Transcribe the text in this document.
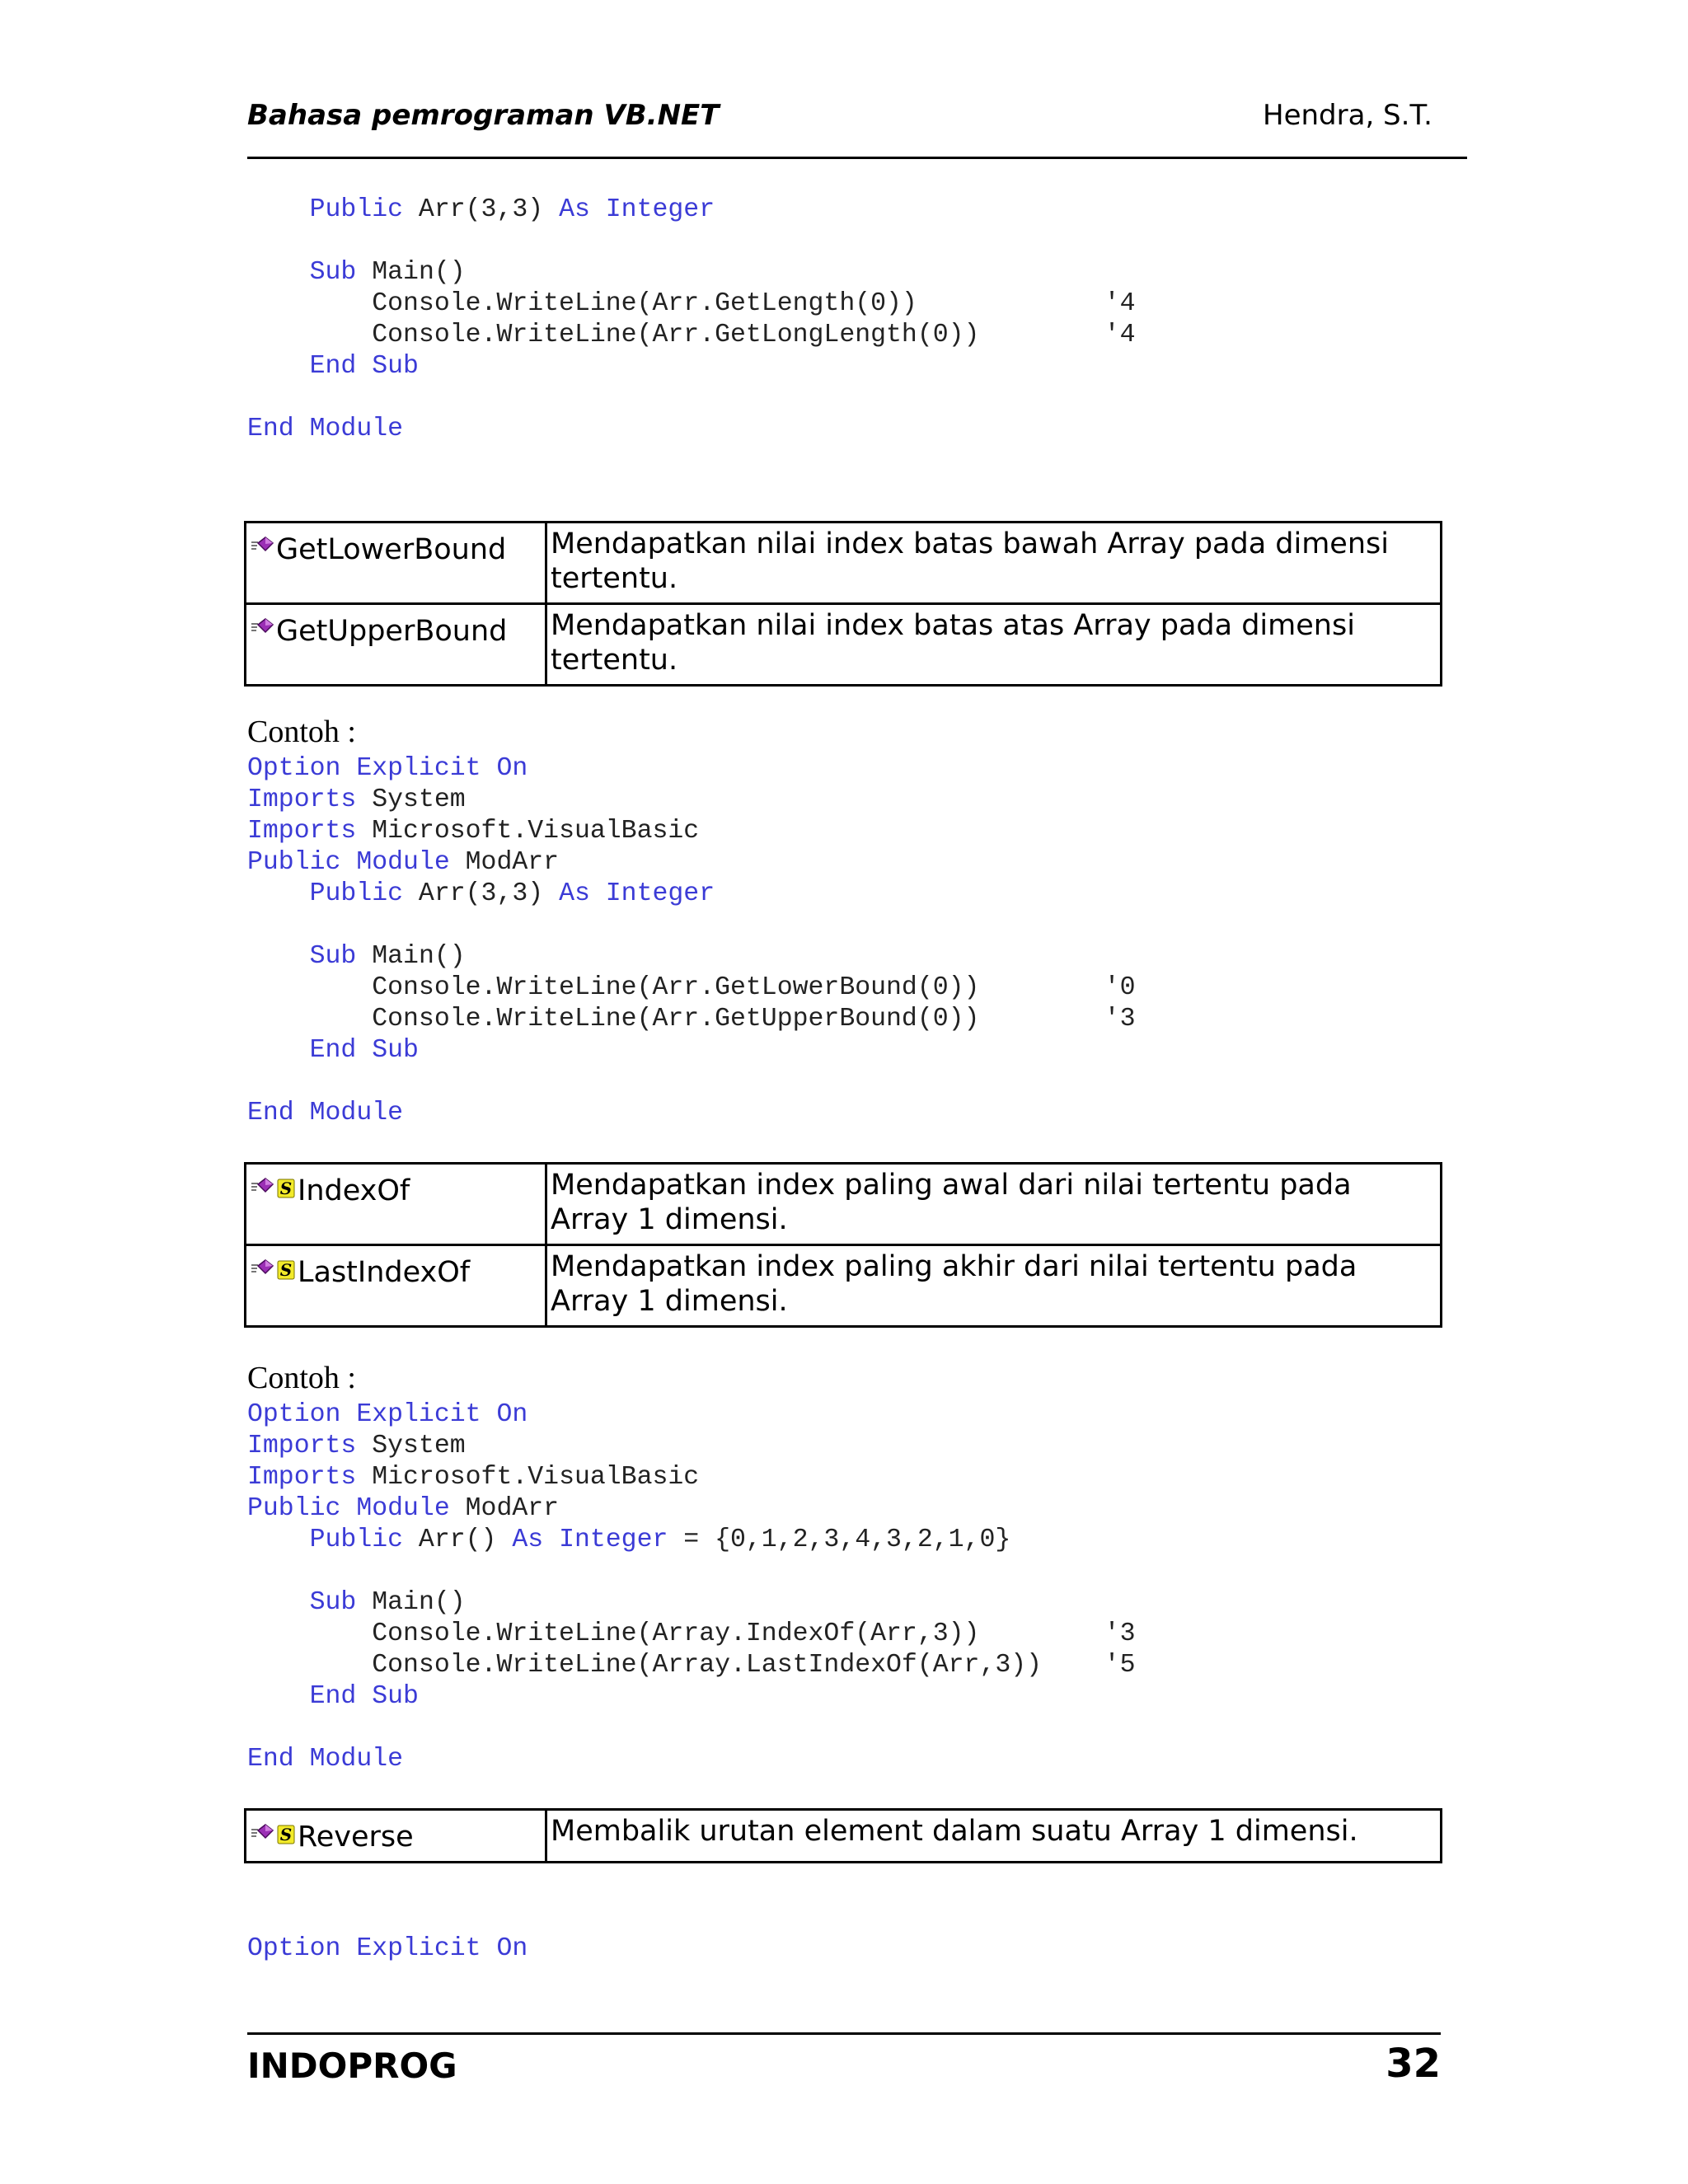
Bahasa pemrograman VB.NET	Hendra, S.T.
Public Arr(3,3) As Integer

Sub Main()
Console.WriteLine(Arr.GetLength(0))            '4
Console.WriteLine(Arr.GetLongLength(0))        '4
End Sub

End Module
GetLowerBound	Mendapatkan nilai index batas bawah Array pada dimensi tertentu.
GetUpperBound	Mendapatkan nilai index batas atas Array pada dimensi tertentu.
Contoh :
Option Explicit On
Imports System
Imports Microsoft.VisualBasic
Public Module ModArr
Public Arr(3,3) As Integer

Sub Main()
Console.WriteLine(Arr.GetLowerBound(0))        '0
Console.WriteLine(Arr.GetUpperBound(0))        '3
End Sub

End Module
S IndexOf	Mendapatkan index paling awal dari nilai tertentu pada Array 1 dimensi.

S LastIndexOf	Mendapatkan index paling akhir dari nilai tertentu pada Array 1 dimensi.
Contoh :
Option Explicit On
Imports System
Imports Microsoft.VisualBasic
Public Module ModArr
Public Arr() As Integer = {0,1,2,3,4,3,2,1,0}

Sub Main()
Console.WriteLine(Array.IndexOf(Arr,3))        '3
Console.WriteLine(Array.LastIndexOf(Arr,3))    '5
End Sub

End Module
S Reverse	Membalik urutan element dalam suatu Array 1 dimensi.
Option Explicit On
INDOPROG	32
